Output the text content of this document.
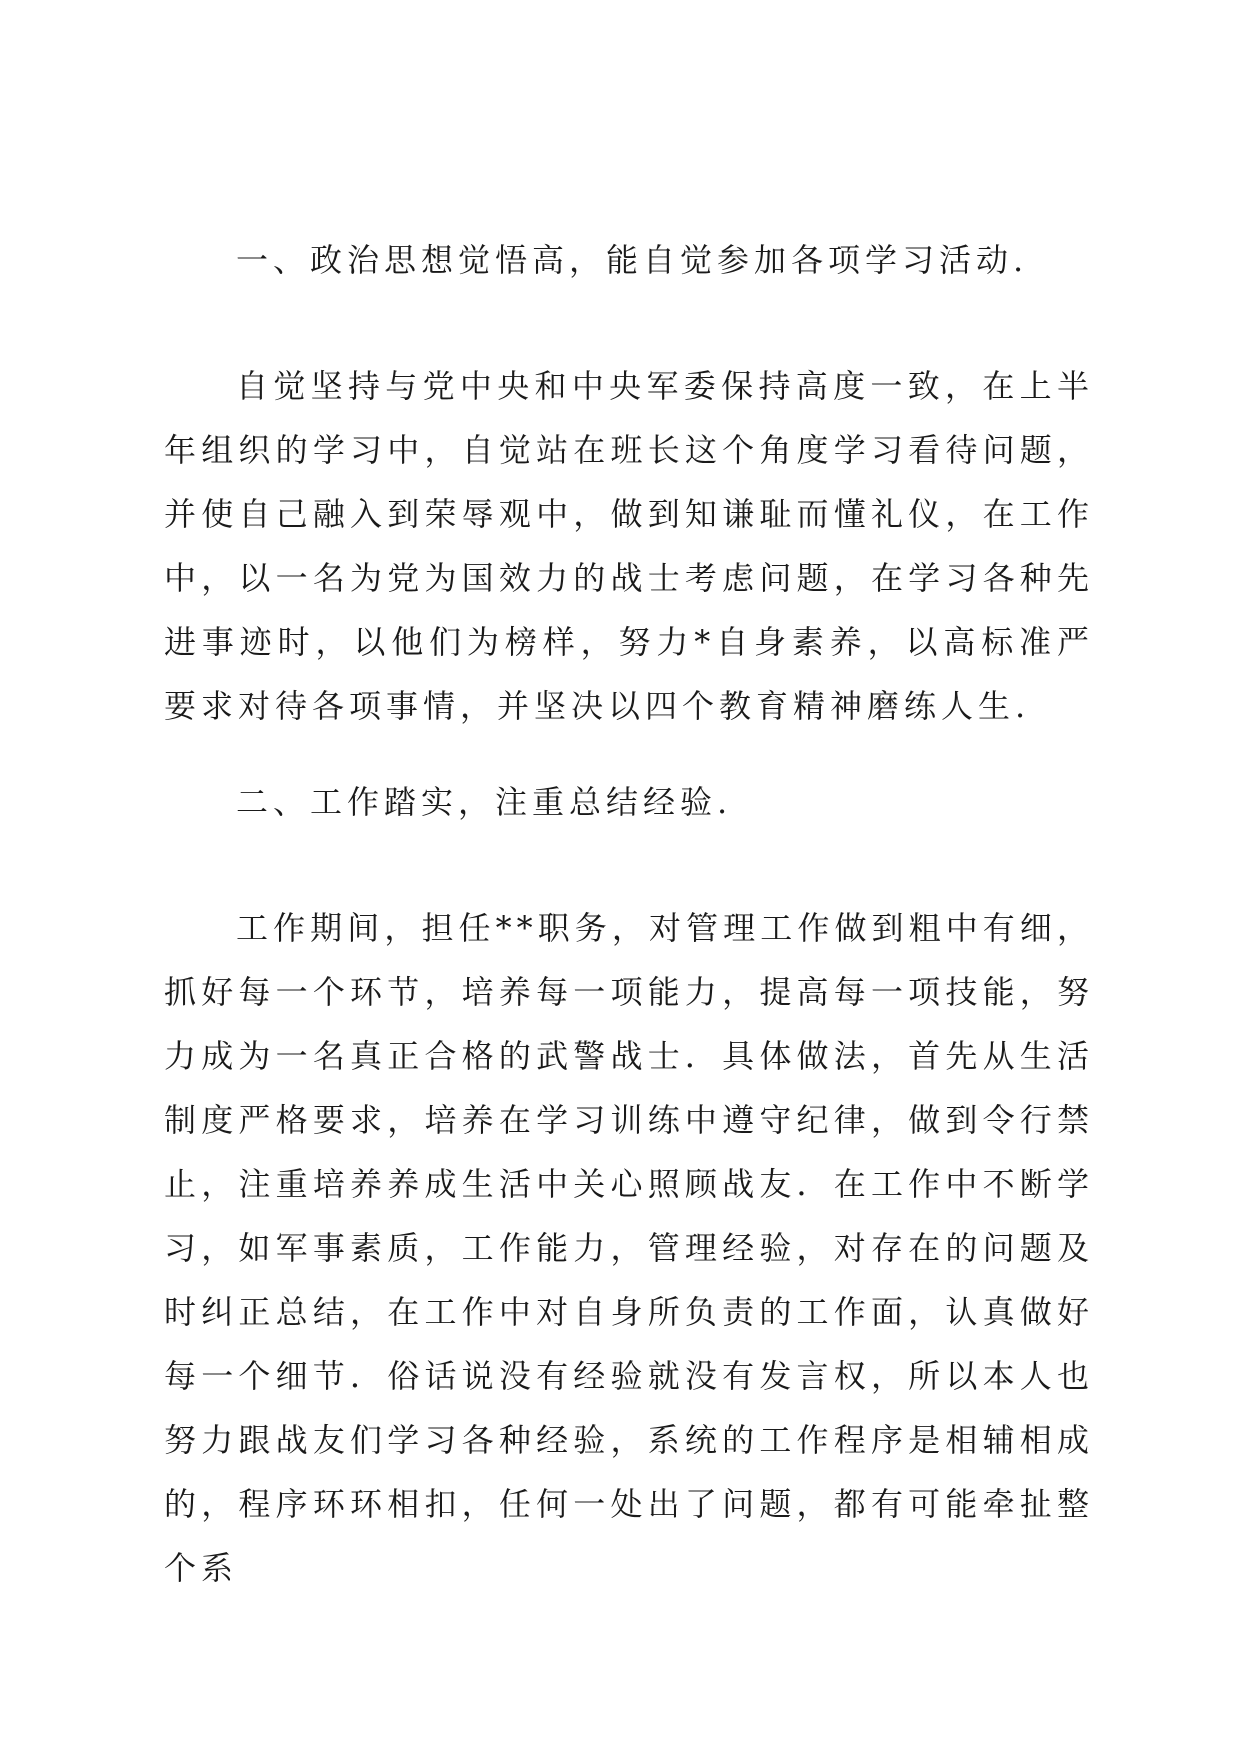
一、政治思想觉悟高，能自觉参加各项学习活动.

自觉坚持与党中央和中央军委保持高度一致，在上半年组织的学习中，自觉站在班长这个角度学习看待问题，并使自己融入到荣辱观中，做到知谦耻而懂礼仪，在工作中，以一名为党为国效力的战士考虑问题，在学习各种先进事迹时，以他们为榜样，努力*自身素养，以高标准严要求对待各项事情，并坚决以四个教育精神磨练人生.

二、工作踏实，注重总结经验.

工作期间，担任**职务，对管理工作做到粗中有细，抓好每一个环节，培养每一项能力，提高每一项技能，努力成为一名真正合格的武警战士．具体做法，首先从生活制度严格要求，培养在学习训练中遵守纪律，做到令行禁止，注重培养养成生活中关心照顾战友．在工作中不断学习，如军事素质，工作能力，管理经验，对存在的问题及时纠正总结，在工作中对自身所负责的工作面，认真做好每一个细节．俗话说没有经验就没有发言权，所以本人也努力跟战友们学习各种经验，系统的工作程序是相辅相成的，程序环环相扣，任何一处出了问题，都有可能牵扯整个系
